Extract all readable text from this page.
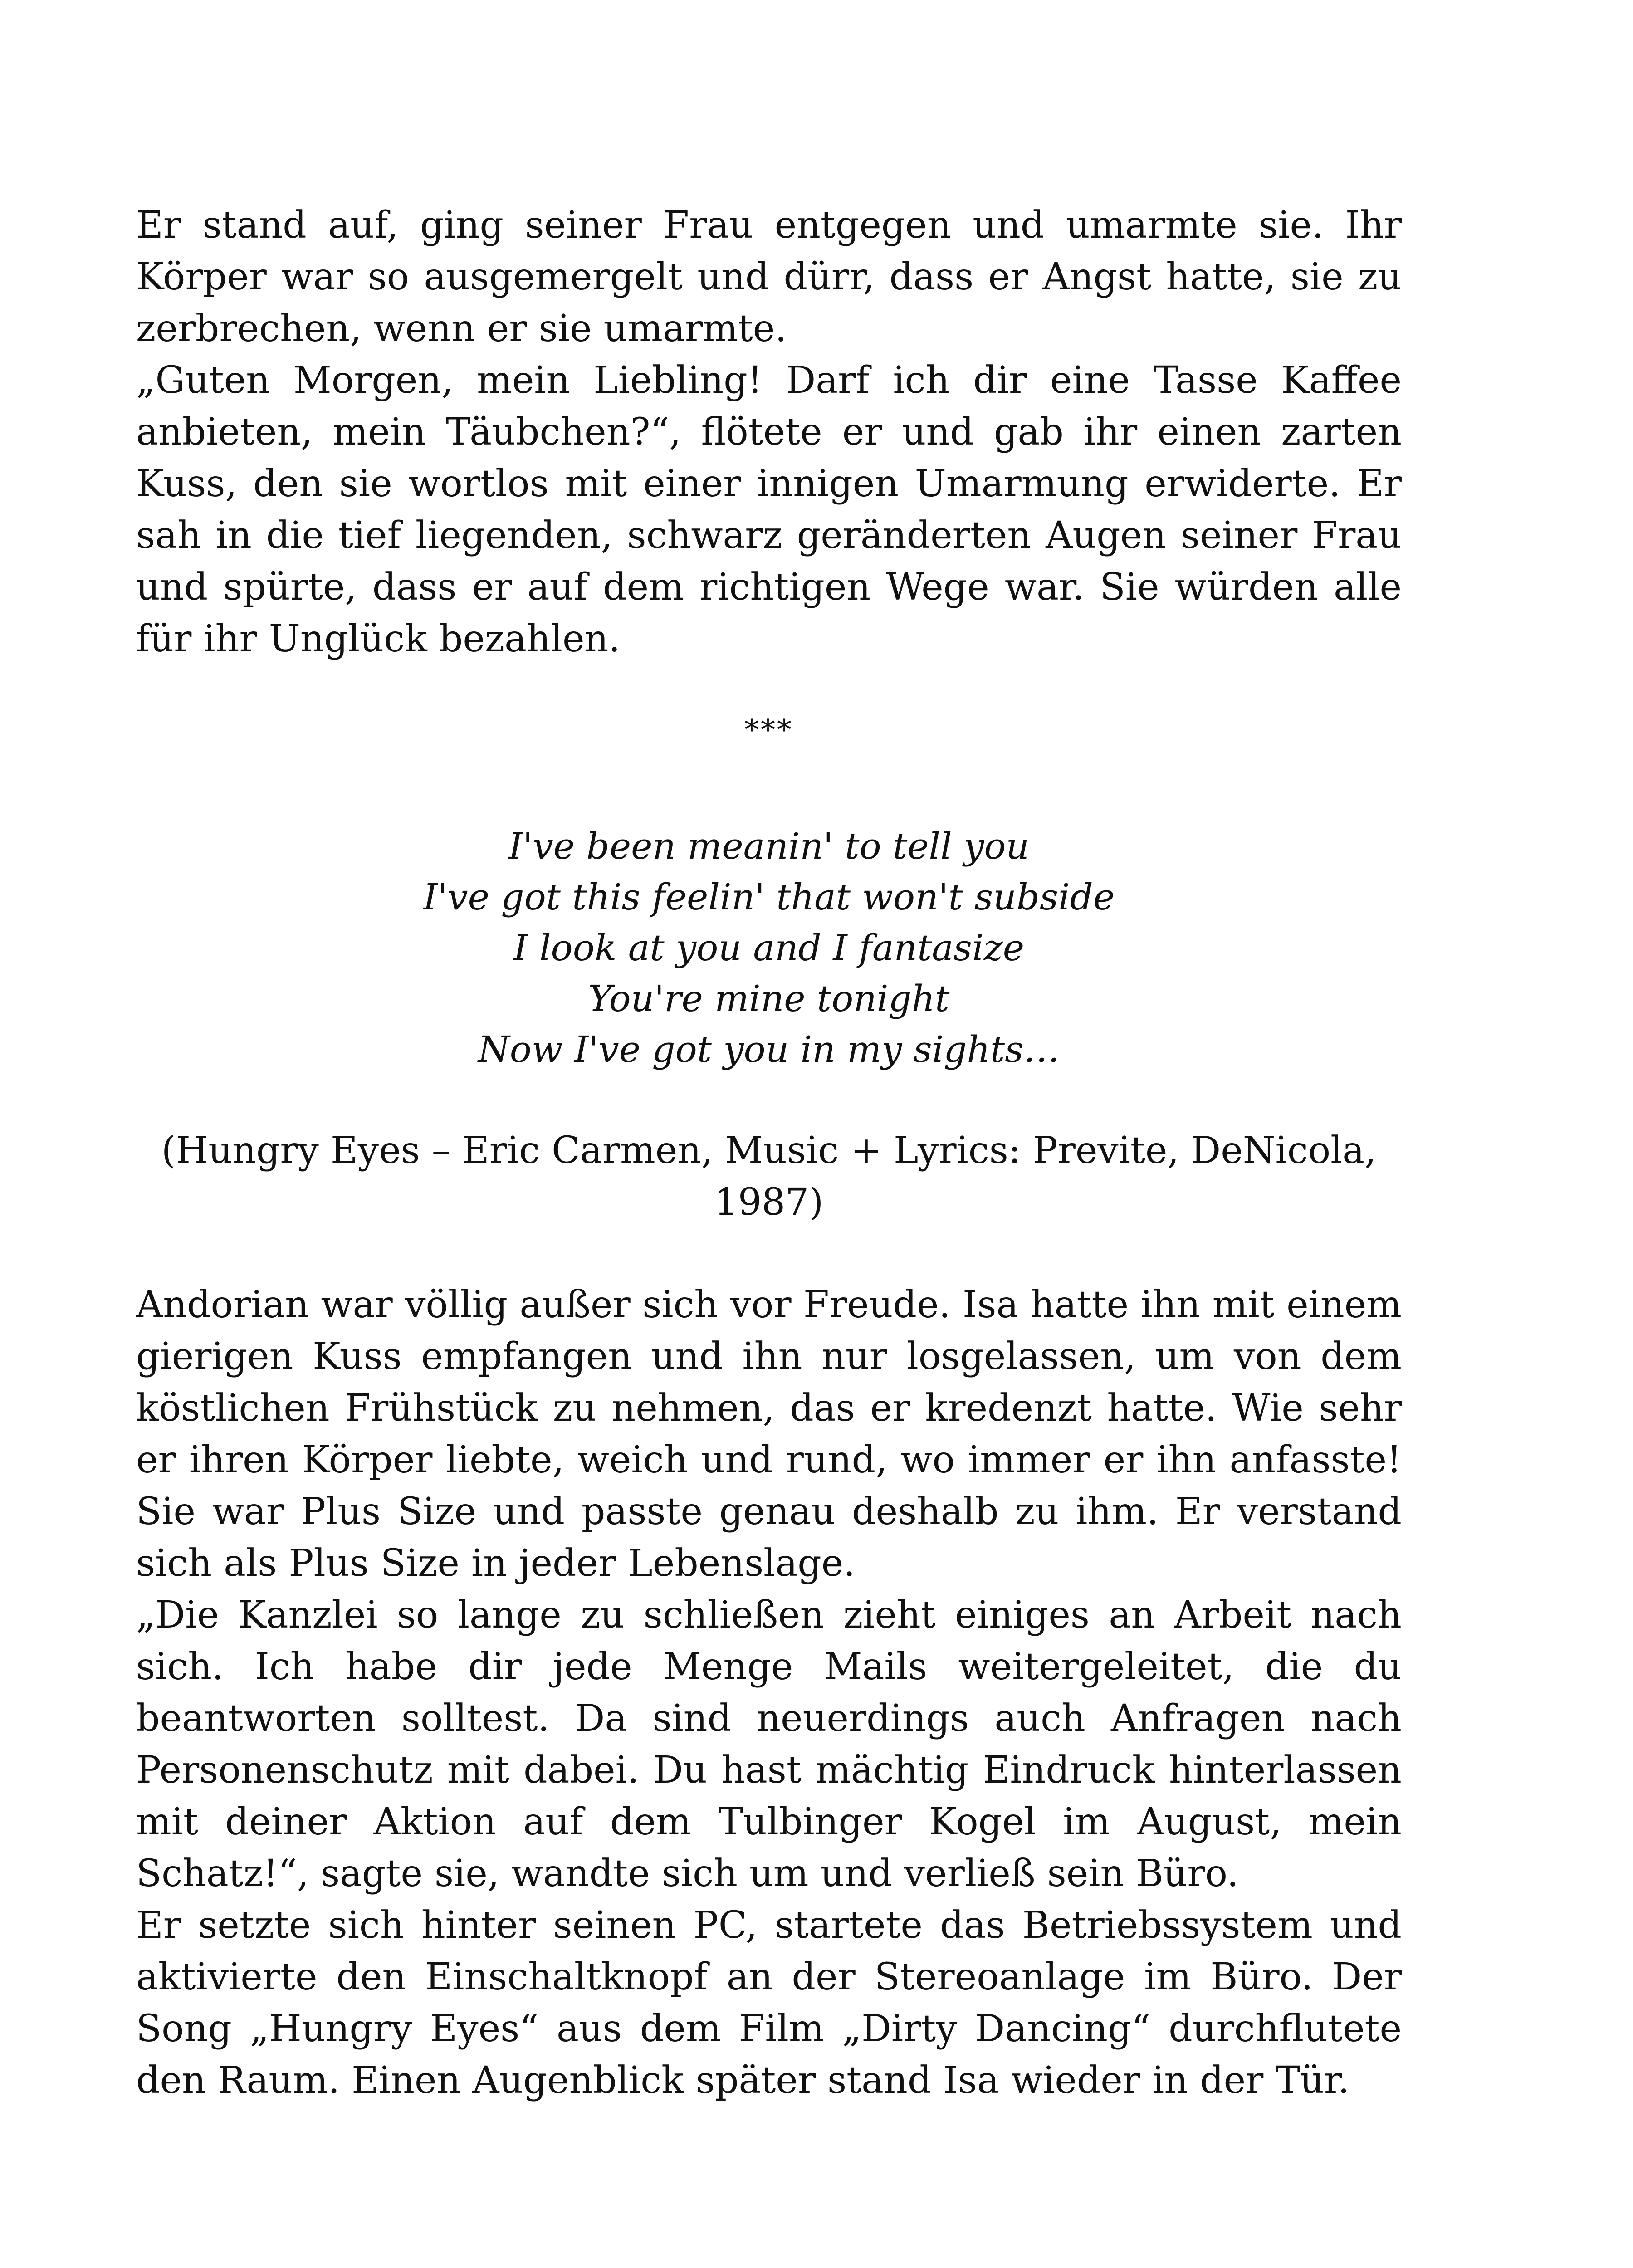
Er stand auf, ging seiner Frau entgegen und umarmte sie. Ihr Körper war so ausgemergelt und dürr, dass er Angst hatte, sie zu zerbrechen, wenn er sie umarmte.

„Guten Morgen, mein Liebling! Darf ich dir eine Tasse Kaffee anbieten, mein Täubchen?“, flötete er und gab ihr einen zarten Kuss, den sie wortlos mit einer innigen Umarmung erwiderte. Er sah in die tief liegenden, schwarz geränderten Augen seiner Frau und spürte, dass er auf dem richtigen Wege war. Sie würden alle für ihr Unglück bezahlen.

***
I've been meanin' to tell you
I've got this feelin' that won't subside
I look at you and I fantasize
You're mine tonight
Now I've got you in my sights…
(Hungry Eyes – Eric Carmen, Music + Lyrics: Previte, DeNicola,
1987)

Andorian war völlig außer sich vor Freude. Isa hatte ihn mit einem gierigen Kuss empfangen und ihn nur losgelassen, um von dem köstlichen Frühstück zu nehmen, das er kredenzt hatte. Wie sehr er ihren Körper liebte, weich und rund, wo immer er ihn anfasste! Sie war Plus Size und passte genau deshalb zu ihm. Er verstand sich als Plus Size in jeder Lebenslage.

„Die Kanzlei so lange zu schließen zieht einiges an Arbeit nach sich. Ich habe dir jede Menge Mails weitergeleitet, die du beantworten solltest. Da sind neuerdings auch Anfragen nach Personenschutz mit dabei. Du hast mächtig Eindruck hinterlassen mit deiner Aktion auf dem Tulbinger Kogel im August, mein Schatz!“, sagte sie, wandte sich um und verließ sein Büro.

Er setzte sich hinter seinen PC, startete das Betriebssystem und aktivierte den Einschaltknopf an der Stereoanlage im Büro. Der Song „Hungry Eyes“ aus dem Film „Dirty Dancing“ durchflutete den Raum. Einen Augenblick später stand Isa wieder in der Tür.
